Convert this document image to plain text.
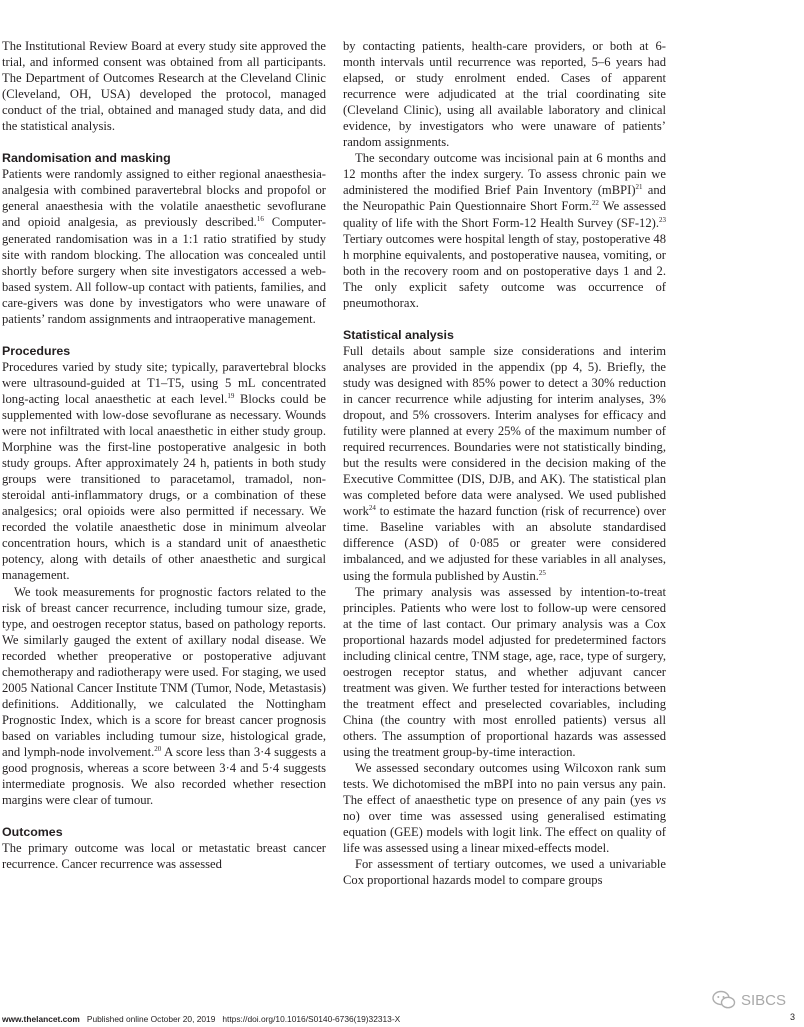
The Institutional Review Board at every study site approved the trial, and informed consent was obtained from all participants. The Department of Outcomes Research at the Cleveland Clinic (Cleveland, OH, USA) developed the protocol, managed conduct of the trial, obtained and managed study data, and did the statistical analysis.

Randomisation and masking

Patients were randomly assigned to either regional anaesthesia-analgesia with combined paravertebral blocks and propofol or general anaesthesia with the volatile anaesthetic sevoflurane and opioid analgesia, as previously described.$^{16}$ Computer-generated randomisation was in a 1:1 ratio stratified by study site with random blocking. The allocation was concealed until shortly before surgery when site investigators accessed a web-based system. All follow-up contact with patients, families, and care-givers was done by investigators who were unaware of patients’ random assignments and intraoperative management.

Procedures

Procedures varied by study site; typically, paravertebral blocks were ultrasound-guided at T1–T5, using 5 mL concentrated long-acting local anaesthetic at each level.$^{19}$ Blocks could be supplemented with low-dose sevoflurane as necessary. Wounds were not infiltrated with local anaesthetic in either study group. Morphine was the first-line postoperative analgesic in both study groups. After approximately 24 h, patients in both study groups were transitioned to paracetamol, tramadol, non-steroidal anti-inflammatory drugs, or a combination of these analgesics; oral opioids were also permitted if necessary. We recorded the volatile anaesthetic dose in minimum alveolar concentration hours, which is a standard unit of anaesthetic potency, along with details of other anaesthetic and surgical management.

We took measurements for prognostic factors related to the risk of breast cancer recurrence, including tumour size, grade, type, and oestrogen receptor status, based on pathology reports. We similarly gauged the extent of axillary nodal disease. We recorded whether preoperative or postoperative adjuvant chemotherapy and radiotherapy were used. For staging, we used 2005 National Cancer Institute TNM (Tumor, Node, Metastasis) definitions. Additionally, we calculated the Nottingham Prognostic Index, which is a score for breast cancer prognosis based on variables including tumour size, histological grade, and lymph-node involvement.$^{20}$ A score less than 3·4 suggests a good prognosis, whereas a score between 3·4 and 5·4 suggests intermediate prognosis. We also recorded whether resection margins were clear of tumour.

Outcomes

The primary outcome was local or metastatic breast cancer recurrence. Cancer recurrence was assessed

by contacting patients, health-care providers, or both at 6-month intervals until recurrence was reported, 5–6 years had elapsed, or study enrolment ended. Cases of apparent recurrence were adjudicated at the trial coordinating site (Cleveland Clinic), using all available laboratory and clinical evidence, by investigators who were unaware of patients’ random assignments.

The secondary outcome was incisional pain at 6 months and 12 months after the index surgery. To assess chronic pain we administered the modified Brief Pain Inventory (mBPI)$^{21}$ and the Neuropathic Pain Questionnaire Short Form.$^{22}$ We assessed quality of life with the Short Form-12 Health Survey (SF-12).$^{23}$ Tertiary outcomes were hospital length of stay, postoperative 48 h morphine equivalents, and postoperative nausea, vomiting, or both in the recovery room and on postoperative days 1 and 2. The only explicit safety outcome was occurrence of pneumothorax.

Statistical analysis

Full details about sample size considerations and interim analyses are provided in the appendix (pp 4, 5). Briefly, the study was designed with 85% power to detect a 30% reduction in cancer recurrence while adjusting for interim analyses, 3% dropout, and 5% crossovers. Interim analyses for efficacy and futility were planned at every 25% of the maximum number of required recurrences. Boundaries were not statistically binding, but the results were considered in the decision making of the Executive Committee (DIS, DJB, and AK). The statistical plan was completed before data were analysed. We used published work$^{24}$ to estimate the hazard function (risk of recurrence) over time. Baseline variables with an absolute standardised difference (ASD) of 0·085 or greater were considered imbalanced, and we adjusted for these variables in all analyses, using the formula published by Austin.$^{25}$

The primary analysis was assessed by intention-to-treat principles. Patients who were lost to follow-up were censored at the time of last contact. Our primary analysis was a Cox proportional hazards model adjusted for predetermined factors including clinical centre, TNM stage, age, race, type of surgery, oestrogen receptor status, and whether adjuvant cancer treatment was given. We further tested for interactions between the treatment effect and preselected covariables, including China (the country with most enrolled patients) versus all others. The assumption of proportional hazards was assessed using the treatment group-by-time interaction.

We assessed secondary outcomes using Wilcoxon rank sum tests. We dichotomised the mBPI into no pain versus any pain. The effect of anaesthetic type on presence of any pain (yes vs no) over time was assessed using generalised estimating equation (GEE) models with logit link. The effect on quality of life was assessed using a linear mixed-effects model.

For assessment of tertiary outcomes, we used a univariable Cox proportional hazards model to compare groups

SIBCS
www.thelancet.com   Published online October 20, 2019   https://doi.org/10.1016/S0140-6736(19)32313-X	3
